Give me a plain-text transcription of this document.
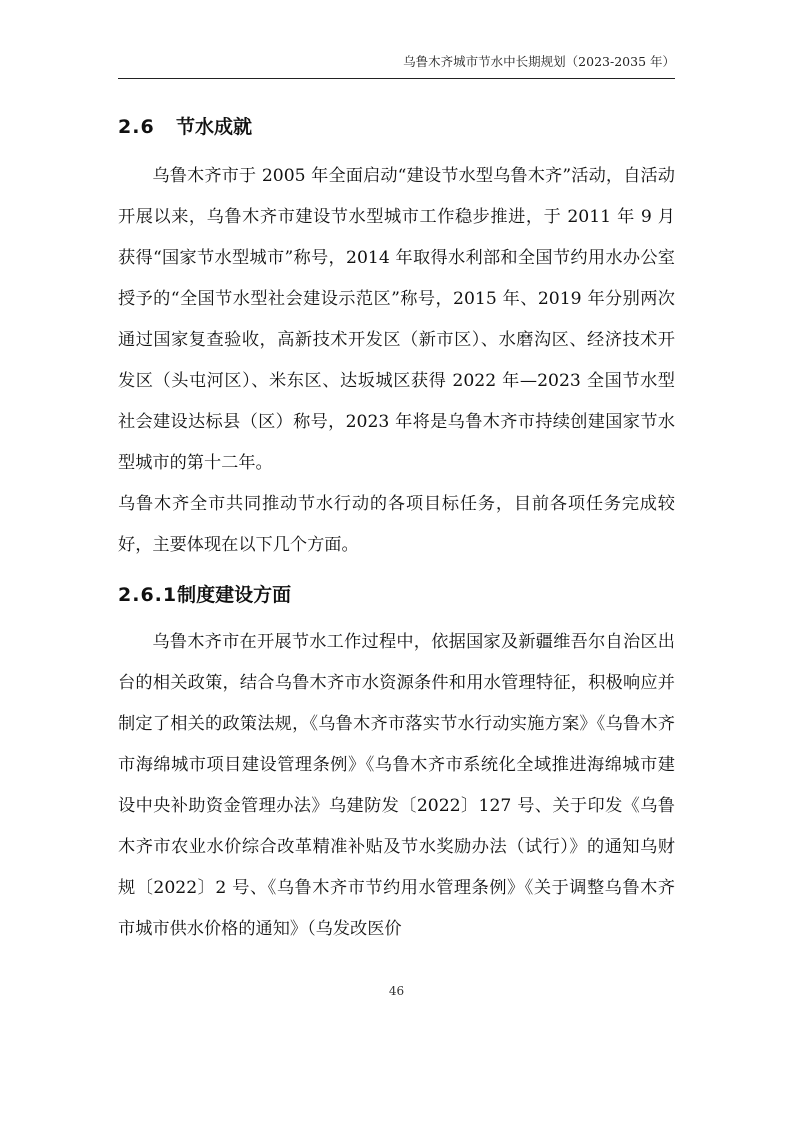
乌鲁木齐城市节水中长期规划（2023-2035 年）
2.6 节水成就

乌鲁木齐市于 2005 年全面启动“建设节水型乌鲁木齐”活动，自活动开展以来，乌鲁木齐市建设节水型城市工作稳步推进，于 2011 年 9 月获得“国家节水型城市”称号，2014 年取得水利部和全国节约用水办公室授予的“全国节水型社会建设示范区”称号，2015 年、2019 年分别两次通过国家复查验收，高新技术开发区（新市区）、水磨沟区、经济技术开发区（头屯河区）、米东区、达坂城区获得 2022 年—2023 全国节水型社会建设达标县（区）称号，2023 年将是乌鲁木齐市持续创建国家节水型城市的第十二年。

乌鲁木齐全市共同推动节水行动的各项目标任务，目前各项任务完成较好，主要体现在以下几个方面。

2.6.1制度建设方面

乌鲁木齐市在开展节水工作过程中，依据国家及新疆维吾尔自治区出台的相关政策，结合乌鲁木齐市水资源条件和用水管理特征，积极响应并制定了相关的政策法规，《乌鲁木齐市落实节水行动实施方案》《乌鲁木齐市海绵城市项目建设管理条例》《乌鲁木齐市系统化全域推进海绵城市建设中央补助资金管理办法》乌建防发〔2022〕127 号、关于印发《乌鲁木齐市农业水价综合改革精准补贴及节水奖励办法（试行）》的通知乌财规〔2022〕2 号、《乌鲁木齐市节约用水管理条例》《关于调整乌鲁木齐市城市供水价格的通知》（乌发改医价

46
